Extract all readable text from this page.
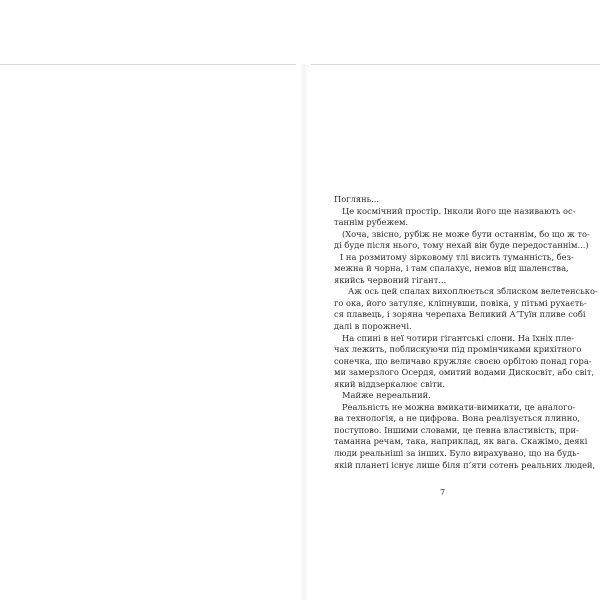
Поглянь...
Це космічний простір. Інколи його ще називають ос-
таннім рубежем.
(Хоча, звісно, рубіж не може бути останнім, бо що ж то-
ді буде після нього, тому нехай він буде передостаннім...)
І на розмитому зірковому тлі висить туманність, без-
межна й чорна, і там спалахує, немов від шаленства,
якийсь червоний гігант...
Аж ось цей спалах вихоплюється зблиском велетенсько-
го ока, його затуляє, кліпнувши, повіка, у пітьмі рухаєть-
ся плавець, і зоряна черепаха Великий А’Туїн пливе собі
далі в порожнечі.
На спині в неї чотири гігантські слони. На їхніх пле-
чах лежить, поблискуючи під промінчиками крихітного
сонечка, що величаво кружляє своєю орбітою понад гора-
ми замерзлого Осердя, омитий водами Дискосвіт, або світ,
який віддзеркалює світи.
Майже нереальний.
Реальність не можна вмикати-вимикати, це аналого-
ва технологія, а не цифрова. Вона реалізується плинно,
поступово. Іншими словами, це певна властивість, при-
таманна речам, така, наприклад, як вага. Скажімо, деякі
люди реальніші за інших. Було вирахувано, що на будь-
якій планеті існує лише біля п’яти сотень реальних людей,
7
